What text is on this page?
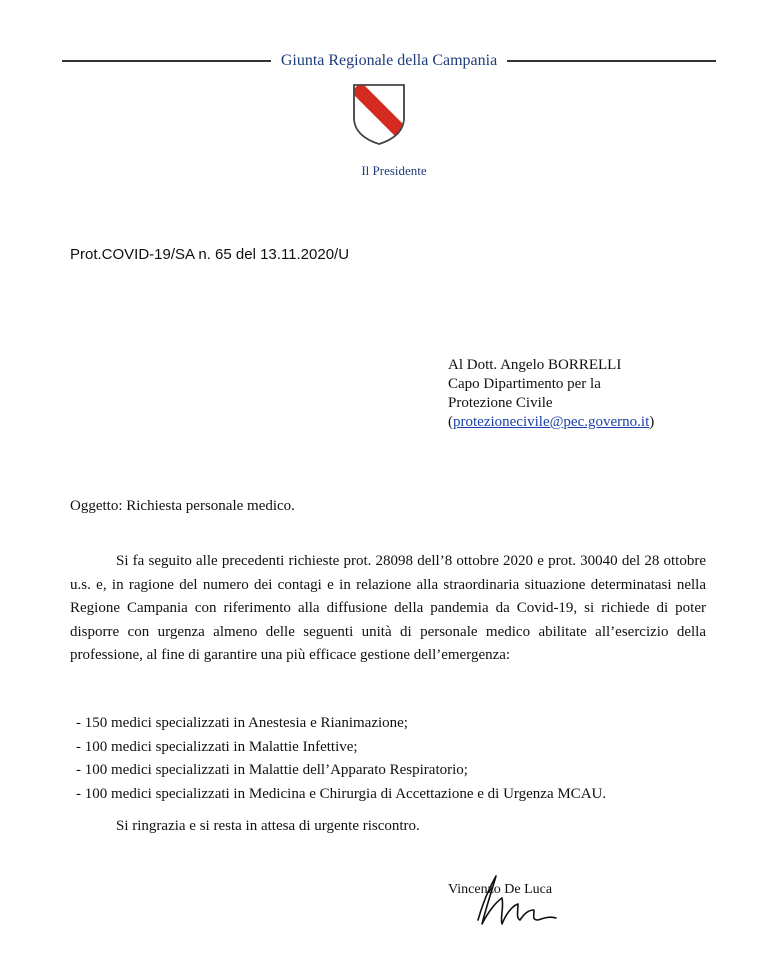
Giunta Regionale della Campania
Il Presidente
Prot.COVID-19/SA n. 65 del 13.11.2020/U
Al Dott. Angelo BORRELLI
Capo Dipartimento per la
Protezione Civile
(protezionecivile@pec.governo.it)
Oggetto: Richiesta personale medico.

Si fa seguito alle precedenti richieste prot. 28098 dell’8 ottobre 2020 e prot. 30040 del 28 ottobre u.s. e, in ragione del numero dei contagi e in relazione alla straordinaria situazione determinatasi nella Regione Campania con riferimento alla diffusione della pandemia da Covid-19, si richiede di poter disporre con urgenza almeno delle seguenti unità di personale medico abilitate all’esercizio della professione, al fine di garantire una più efficace gestione dell’emergenza:

- 150 medici specializzati in Anestesia e Rianimazione;
- 100 medici specializzati in Malattie Infettive;
- 100 medici specializzati in Malattie dell’Apparato Respiratorio;
- 100 medici specializzati in Medicina e Chirurgia di Accettazione e di Urgenza MCAU.
Si ringrazia e si resta in attesa di urgente riscontro.
Vincenzo De Luca
